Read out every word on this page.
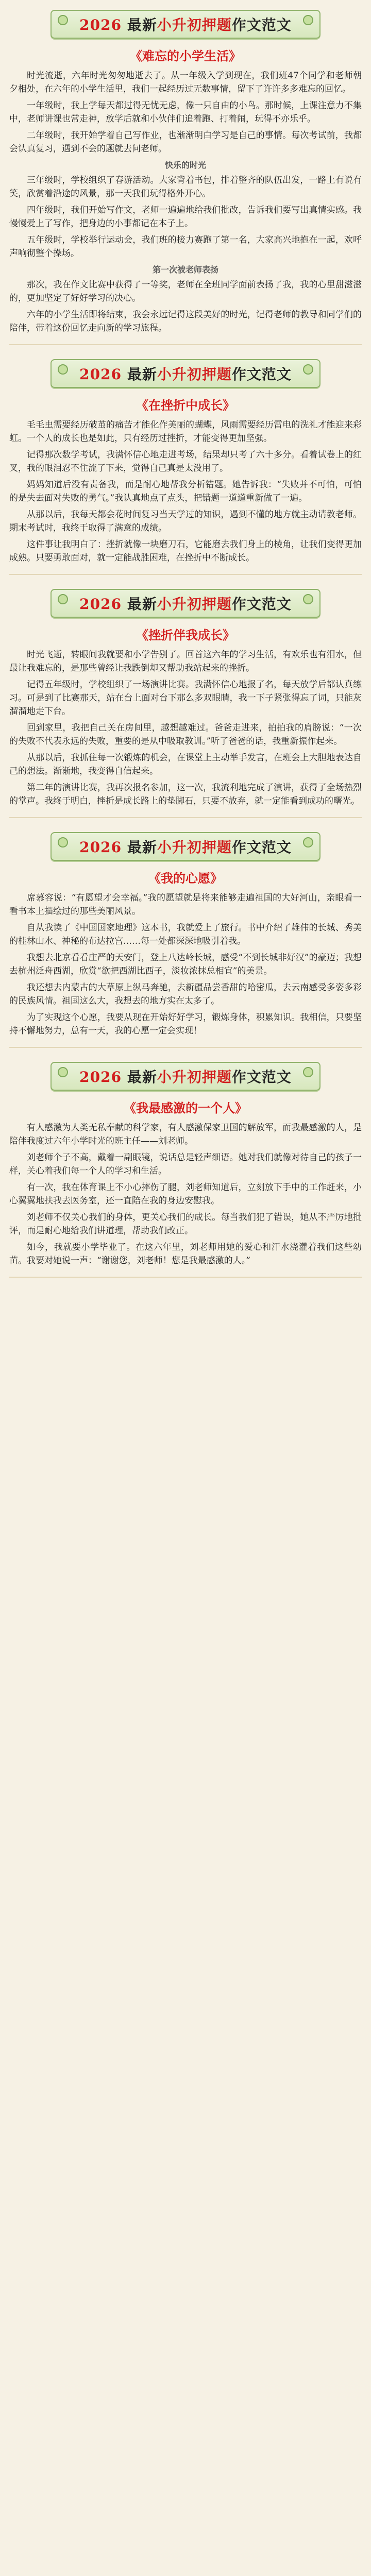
2026 最新小升初押题作文范文
《难忘的小学生活》

时光流逝，六年时光匆匆地逝去了。从一年级入学到现在，我们班47个同学和老师朝夕相处，在六年的小学生活里，我们一起经历过无数事情，留下了许许多多难忘的回忆。

一年级时，我上学每天都过得无忧无虑，像一只自由的小鸟。那时候，上课注意力不集中，老师讲课也常走神，放学后就和小伙伴们追着跑、打着闹，玩得不亦乐乎。

二年级时，我开始学着自己写作业，也渐渐明白学习是自己的事情。每次考试前，我都会认真复习，遇到不会的题就去问老师。

快乐的时光

三年级时，学校组织了春游活动。大家背着书包，排着整齐的队伍出发，一路上有说有笑，欣赏着沿途的风景，那一天我们玩得格外开心。

四年级时，我们开始写作文，老师一遍遍地给我们批改，告诉我们要写出真情实感。我慢慢爱上了写作，把身边的小事都记在本子上。

五年级时，学校举行运动会，我们班的接力赛跑了第一名，大家高兴地抱在一起，欢呼声响彻整个操场。

第一次被老师表扬

那次，我在作文比赛中获得了一等奖，老师在全班同学面前表扬了我，我的心里甜滋滋的，更加坚定了好好学习的决心。

六年的小学生活即将结束，我会永远记得这段美好的时光，记得老师的教导和同学们的陪伴，带着这份回忆走向新的学习旅程。

2026 最新小升初押题作文范文
《在挫折中成长》

毛毛虫需要经历破茧的痛苦才能化作美丽的蝴蝶，风雨需要经历雷电的洗礼才能迎来彩虹。一个人的成长也是如此，只有经历过挫折，才能变得更加坚强。

记得那次数学考试，我满怀信心地走进考场，结果却只考了六十多分。看着试卷上的红叉，我的眼泪忍不住流了下来，觉得自己真是太没用了。

妈妈知道后没有责备我，而是耐心地帮我分析错题。她告诉我：“失败并不可怕，可怕的是失去面对失败的勇气。”我认真地点了点头，把错题一道道重新做了一遍。

从那以后，我每天都会花时间复习当天学过的知识，遇到不懂的地方就主动请教老师。期末考试时，我终于取得了满意的成绩。

这件事让我明白了：挫折就像一块磨刀石，它能磨去我们身上的棱角，让我们变得更加成熟。只要勇敢面对，就一定能战胜困难，在挫折中不断成长。

2026 最新小升初押题作文范文
《挫折伴我成长》

时光飞逝，转眼间我就要和小学告别了。回首这六年的学习生活，有欢乐也有泪水，但最让我难忘的，是那些曾经让我跌倒却又帮助我站起来的挫折。

记得五年级时，学校组织了一场演讲比赛。我满怀信心地报了名，每天放学后都认真练习。可是到了比赛那天，站在台上面对台下那么多双眼睛，我一下子紧张得忘了词，只能灰溜溜地走下台。

回到家里，我把自己关在房间里，越想越难过。爸爸走进来，拍拍我的肩膀说：“一次的失败不代表永远的失败，重要的是从中吸取教训。”听了爸爸的话，我重新振作起来。

从那以后，我抓住每一次锻炼的机会，在课堂上主动举手发言，在班会上大胆地表达自己的想法。渐渐地，我变得自信起来。

第二年的演讲比赛，我再次报名参加，这一次，我流利地完成了演讲，获得了全场热烈的掌声。我终于明白，挫折是成长路上的垫脚石，只要不放弃，就一定能看到成功的曙光。

2026 最新小升初押题作文范文
《我的心愿》

席慕容说：“有愿望才会幸福。”我的愿望就是将来能够走遍祖国的大好河山，亲眼看一看书本上描绘过的那些美丽风景。

自从我读了《中国国家地理》这本书，我就爱上了旅行。书中介绍了雄伟的长城、秀美的桂林山水、神秘的布达拉宫……每一处都深深地吸引着我。

我想去北京看看庄严的天安门，登上八达岭长城，感受“不到长城非好汉”的豪迈；我想去杭州泛舟西湖，欣赏“欲把西湖比西子，淡妆浓抹总相宜”的美景。

我还想去内蒙古的大草原上纵马奔驰，去新疆品尝香甜的哈密瓜，去云南感受多姿多彩的民族风情。祖国这么大，我想去的地方实在太多了。

为了实现这个心愿，我要从现在开始好好学习，锻炼身体，积累知识。我相信，只要坚持不懈地努力，总有一天，我的心愿一定会实现！

2026 最新小升初押题作文范文
《我最感激的一个人》

有人感激为人类无私奉献的科学家，有人感激保家卫国的解放军，而我最感激的人，是陪伴我度过六年小学时光的班主任——刘老师。

刘老师个子不高，戴着一副眼镜，说话总是轻声细语。她对我们就像对待自己的孩子一样，关心着我们每一个人的学习和生活。

有一次，我在体育课上不小心摔伤了腿，刘老师知道后，立刻放下手中的工作赶来，小心翼翼地扶我去医务室，还一直陪在我的身边安慰我。

刘老师不仅关心我们的身体，更关心我们的成长。每当我们犯了错误，她从不严厉地批评，而是耐心地给我们讲道理，帮助我们改正。

如今，我就要小学毕业了。在这六年里，刘老师用她的爱心和汗水浇灌着我们这些幼苗。我要对她说一声：“谢谢您，刘老师！您是我最感激的人。”
